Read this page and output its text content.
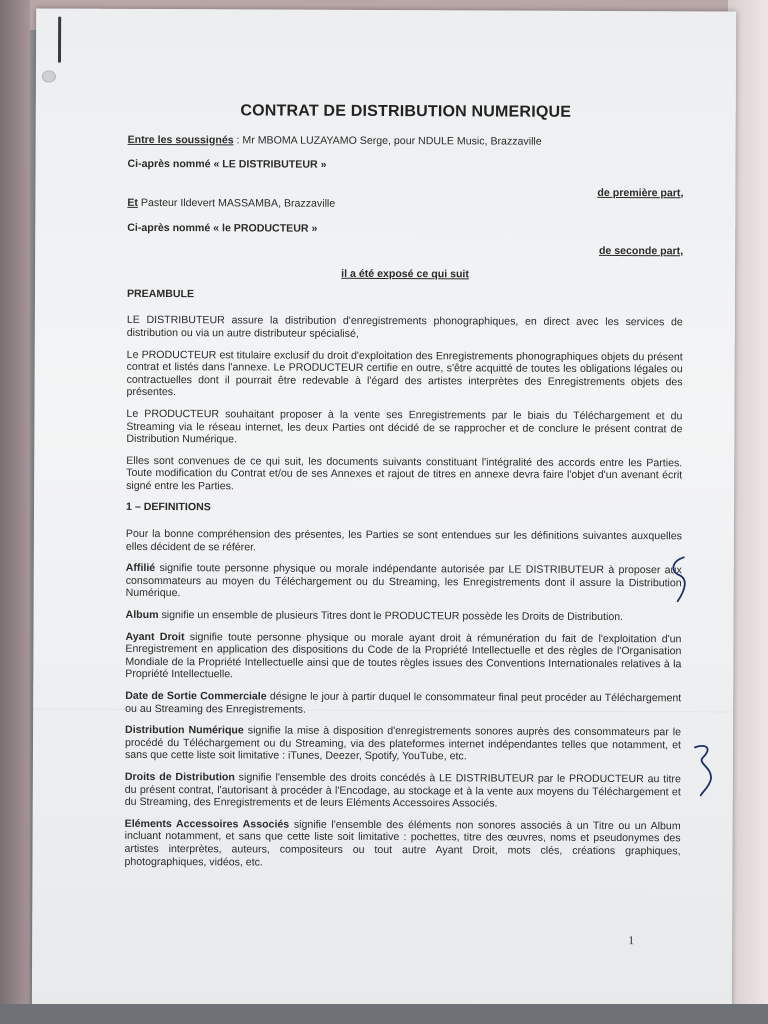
CONTRAT DE DISTRIBUTION NUMERIQUE

Entre les soussignés : Mr MBOMA LUZAYAMO Serge, pour NDULE Music, Brazzaville

Ci-après nommé « LE DISTRIBUTEUR »

de première part,

Et Pasteur Ildevert MASSAMBA, Brazzaville

Ci-après nommé « le PRODUCTEUR »

de seconde part,

il a été exposé ce qui suit

PREAMBULE

LE DISTRIBUTEUR assure la distribution d'enregistrements phonographiques, en direct avec les services de distribution ou via un autre distributeur spécialisé,

Le PRODUCTEUR est titulaire exclusif du droit d'exploitation des Enregistrements phonographiques objets du présent contrat et listés dans l'annexe. Le PRODUCTEUR certifie en outre, s'être acquitté de toutes les obligations légales ou contractuelles dont il pourrait être redevable à l'égard des artistes interprètes des Enregistrements objets des présentes.

Le PRODUCTEUR souhaitant proposer à la vente ses Enregistrements par le biais du Téléchargement et du Streaming via le réseau internet, les deux Parties ont décidé de se rapprocher et de conclure le présent contrat de Distribution Numérique.

Elles sont convenues de ce qui suit, les documents suivants constituant l'intégralité des accords entre les Parties. Toute modification du Contrat et/ou de ses Annexes et rajout de titres en annexe devra faire l'objet d'un avenant écrit signé entre les Parties.

1 – DEFINITIONS

Pour la bonne compréhension des présentes, les Parties se sont entendues sur les définitions suivantes auxquelles elles décident de se référer.

Affilié signifie toute personne physique ou morale indépendante autorisée par LE DISTRIBUTEUR à proposer aux consommateurs au moyen du Téléchargement ou du Streaming, les Enregistrements dont il assure la Distribution Numérique.

Album signifie un ensemble de plusieurs Titres dont le PRODUCTEUR possède les Droits de Distribution.

Ayant Droit signifie toute personne physique ou morale ayant droit à rémunération du fait de l'exploitation d'un Enregistrement en application des dispositions du Code de la Propriété Intellectuelle et des règles de l'Organisation Mondiale de la Propriété Intellectuelle ainsi que de toutes règles issues des Conventions Internationales relatives à la Propriété Intellectuelle.

Date de Sortie Commerciale désigne le jour à partir duquel le consommateur final peut procéder au Téléchargement ou au Streaming des Enregistrements.

Distribution Numérique signifie la mise à disposition d'enregistrements sonores auprès des consommateurs par le procédé du Téléchargement ou du Streaming, via des plateformes internet indépendantes telles que notamment, et sans que cette liste soit limitative : iTunes, Deezer, Spotify, YouTube, etc.

Droits de Distribution signifie l'ensemble des droits concédés à LE DISTRIBUTEUR par le PRODUCTEUR au titre du présent contrat, l'autorisant à procéder à l'Encodage, au stockage et à la vente aux moyens du Téléchargement et du Streaming, des Enregistrements et de leurs Eléments Accessoires Associés.

Eléments Accessoires Associés signifie l'ensemble des éléments non sonores associés à un Titre ou un Album incluant notamment, et sans que cette liste soit limitative : pochettes, titre des œuvres, noms et pseudonymes des artistes interprètes, auteurs, compositeurs ou tout autre Ayant Droit, mots clés, créations graphiques, photographiques, vidéos, etc.

1
